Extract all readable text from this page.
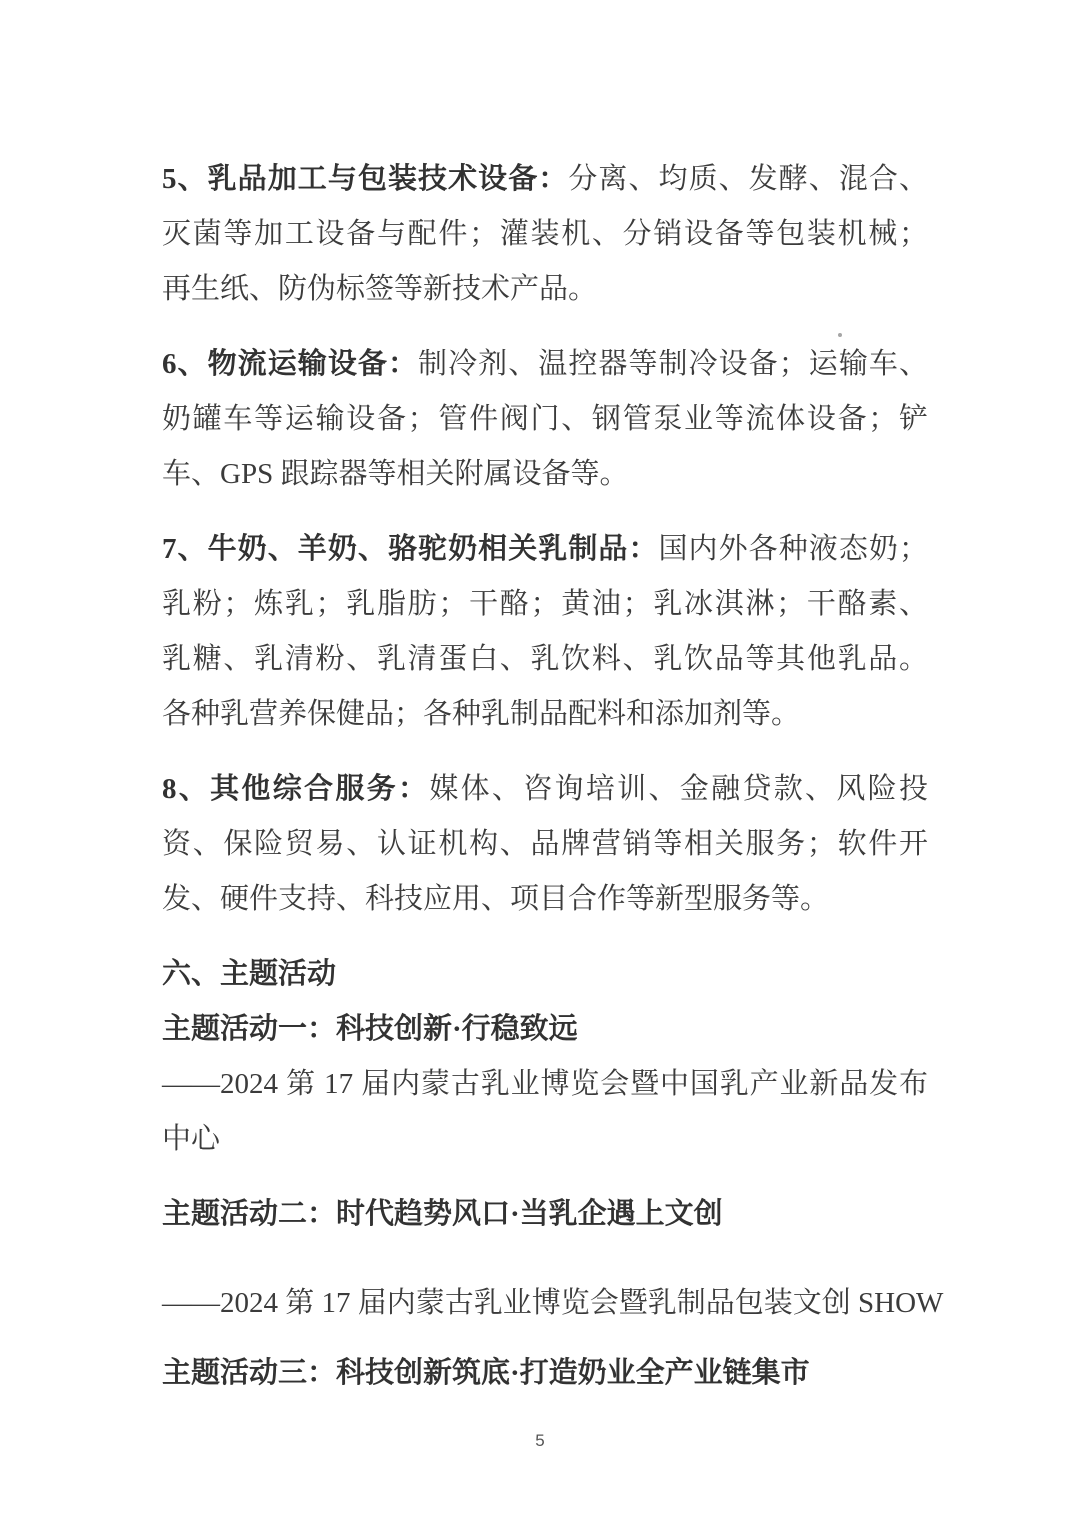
5、乳品加工与包装技术设备：分离、均质、发酵、混合、
灭菌等加工设备与配件；灌装机、分销设备等包装机械；
再生纸、防伪标签等新技术产品。
6、物流运输设备：制冷剂、温控器等制冷设备；运输车、
奶罐车等运输设备；管件阀门、钢管泵业等流体设备；铲
车、GPS 跟踪器等相关附属设备等。
7、牛奶、羊奶、骆驼奶相关乳制品：国内外各种液态奶；
乳粉；炼乳；乳脂肪；干酪；黄油；乳冰淇淋；干酪素、
乳糖、乳清粉、乳清蛋白、乳饮料、乳饮品等其他乳品。
各种乳营养保健品；各种乳制品配料和添加剂等。
8、其他综合服务：媒体、咨询培训、金融贷款、风险投
资、保险贸易、认证机构、品牌营销等相关服务；软件开
发、硬件支持、科技应用、项目合作等新型服务等。
六、主题活动
主题活动一：科技创新·行稳致远
——2024 第 17 届内蒙古乳业博览会暨中国乳产业新品发布
中心
主题活动二：时代趋势风口·当乳企遇上文创
——2024 第 17 届内蒙古乳业博览会暨乳制品包装文创 SHOW
主题活动三：科技创新筑底·打造奶业全产业链集市
5
